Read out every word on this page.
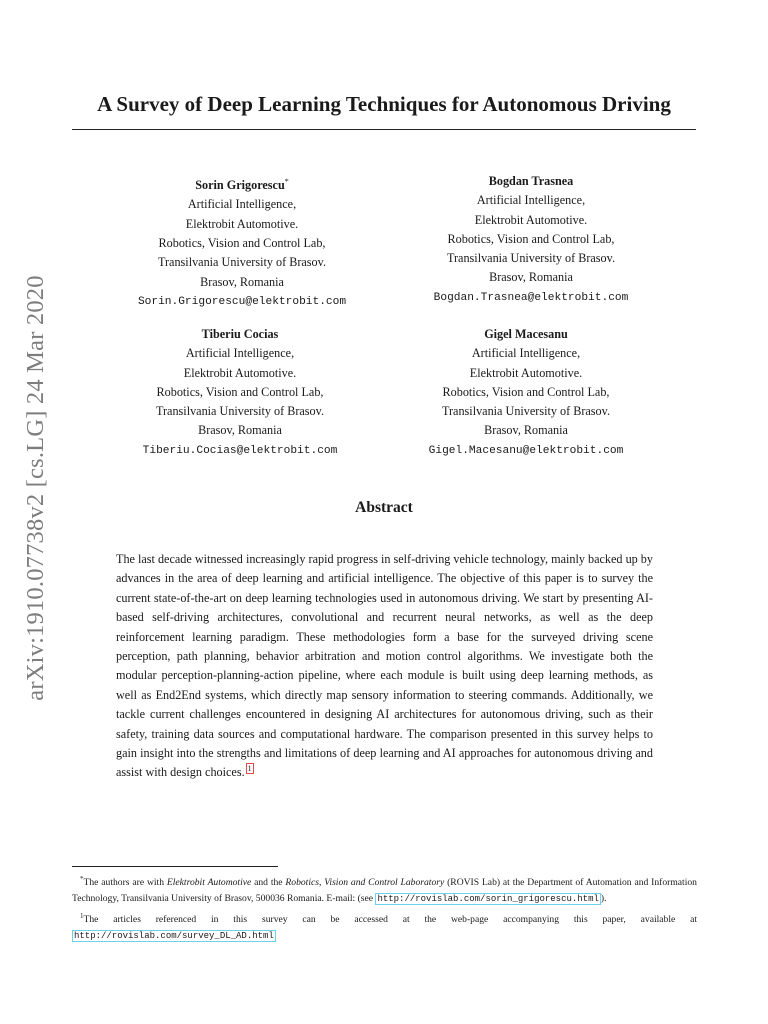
arXiv:1910.07738v2 [cs.LG] 24 Mar 2020
A Survey of Deep Learning Techniques for Autonomous Driving
Sorin Grigorescu*
Artificial Intelligence,
Elektrobit Automotive.
Robotics, Vision and Control Lab,
Transilvania University of Brasov.
Brasov, Romania
Sorin.Grigorescu@elektrobit.com
Bogdan Trasnea
Artificial Intelligence,
Elektrobit Automotive.
Robotics, Vision and Control Lab,
Transilvania University of Brasov.
Brasov, Romania
Bogdan.Trasnea@elektrobit.com
Tiberiu Cocias
Artificial Intelligence,
Elektrobit Automotive.
Robotics, Vision and Control Lab,
Transilvania University of Brasov.
Brasov, Romania
Tiberiu.Cocias@elektrobit.com
Gigel Macesanu
Artificial Intelligence,
Elektrobit Automotive.
Robotics, Vision and Control Lab,
Transilvania University of Brasov.
Brasov, Romania
Gigel.Macesanu@elektrobit.com
Abstract
The last decade witnessed increasingly rapid progress in self-driving vehicle technology, mainly backed up by advances in the area of deep learning and artificial intelligence. The objective of this paper is to survey the current state-of-the-art on deep learning technologies used in autonomous driving. We start by presenting AI-based self-driving architectures, convolutional and recurrent neural networks, as well as the deep reinforcement learning paradigm. These methodologies form a base for the surveyed driving scene perception, path planning, behavior arbitration and motion control algorithms. We investigate both the modular perception-planning-action pipeline, where each module is built using deep learning methods, as well as End2End systems, which directly map sensory information to steering commands. Additionally, we tackle current challenges encountered in designing AI architectures for autonomous driving, such as their safety, training data sources and computational hardware. The comparison presented in this survey helps to gain insight into the strengths and limitations of deep learning and AI approaches for autonomous driving and assist with design choices. 1

*The authors are with Elektrobit Automotive and the Robotics, Vision and Control Laboratory (ROVIS Lab) at the Department of Automation and Information Technology, Transilvania University of Brasov, 500036 Romania. E-mail: (see http://rovislab.com/sorin_grigorescu.html ).

$^1$The articles referenced in this survey can be accessed at the web-page accompanying this paper, available at http://rovislab.com/survey_DL_AD.html
